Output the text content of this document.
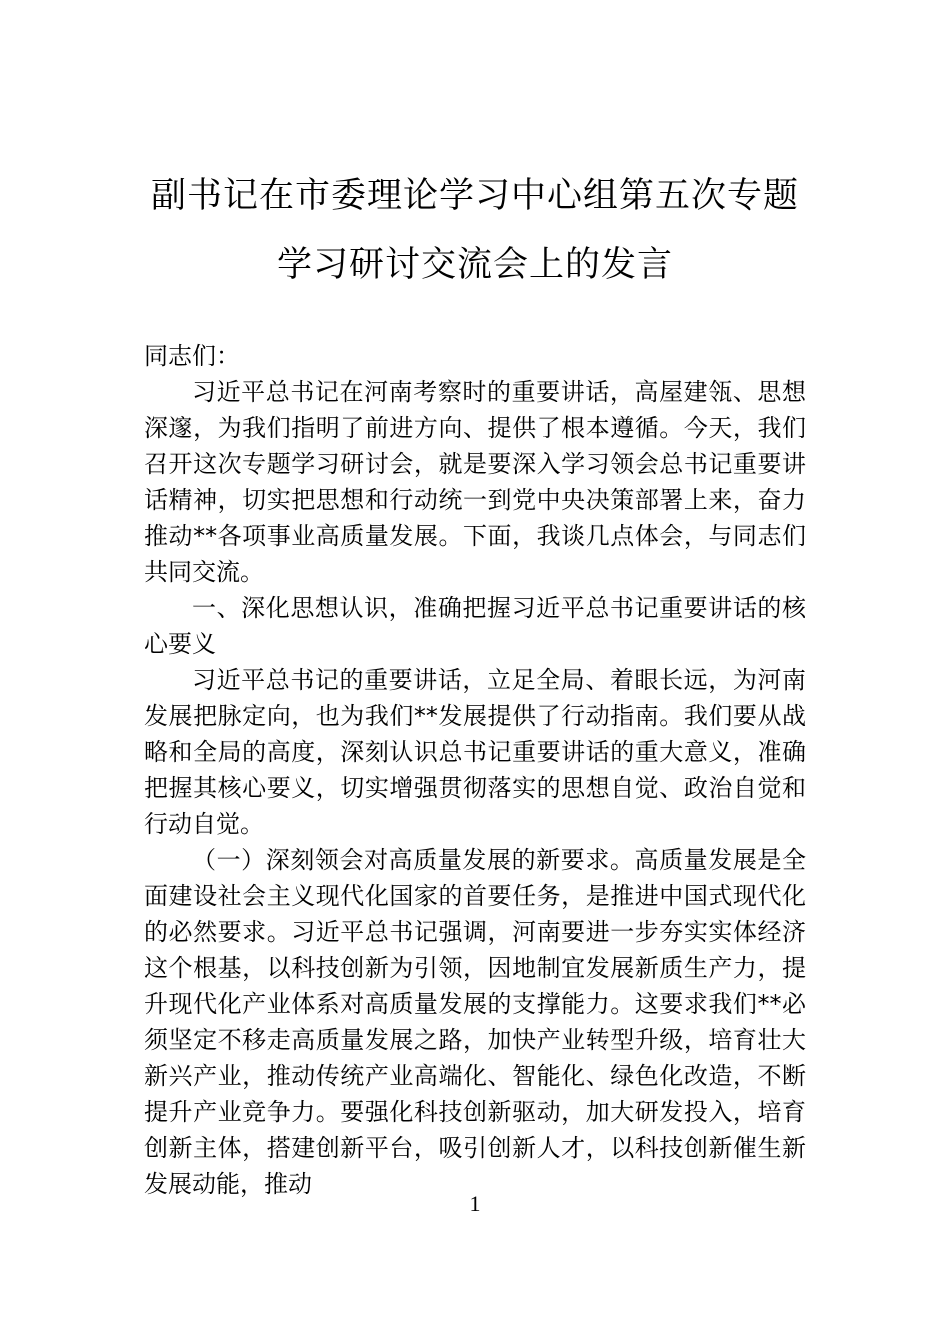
副书记在市委理论学习中心组第五次专题
学习研讨交流会上的发言

同志们：

习近平总书记在河南考察时的重要讲话，高屋建瓴、思想深邃，为我们指明了前进方向、提供了根本遵循。今天，我们召开这次专题学习研讨会，就是要深入学习领会总书记重要讲话精神，切实把思想和行动统一到党中央决策部署上来，奋力推动**各项事业高质量发展。下面，我谈几点体会，与同志们共同交流。

一、深化思想认识，准确把握习近平总书记重要讲话的核心要义

习近平总书记的重要讲话，立足全局、着眼长远，为河南发展把脉定向，也为我们**发展提供了行动指南。我们要从战略和全局的高度，深刻认识总书记重要讲话的重大意义，准确把握其核心要义，切实增强贯彻落实的思想自觉、政治自觉和行动自觉。

（一）深刻领会对高质量发展的新要求。高质量发展是全面建设社会主义现代化国家的首要任务，是推进中国式现代化的必然要求。习近平总书记强调，河南要进一步夯实实体经济这个根基，以科技创新为引领，因地制宜发展新质生产力，提升现代化产业体系对高质量发展的支撑能力。这要求我们**必须坚定不移走高质量发展之路，加快产业转型升级，培育壮大新兴产业，推动传统产业高端化、智能化、绿色化改造，不断提升产业竞争力。要强化科技创新驱动，加大研发投入，培育创新主体，搭建创新平台，吸引创新人才，以科技创新催生新发展动能，推动

1
